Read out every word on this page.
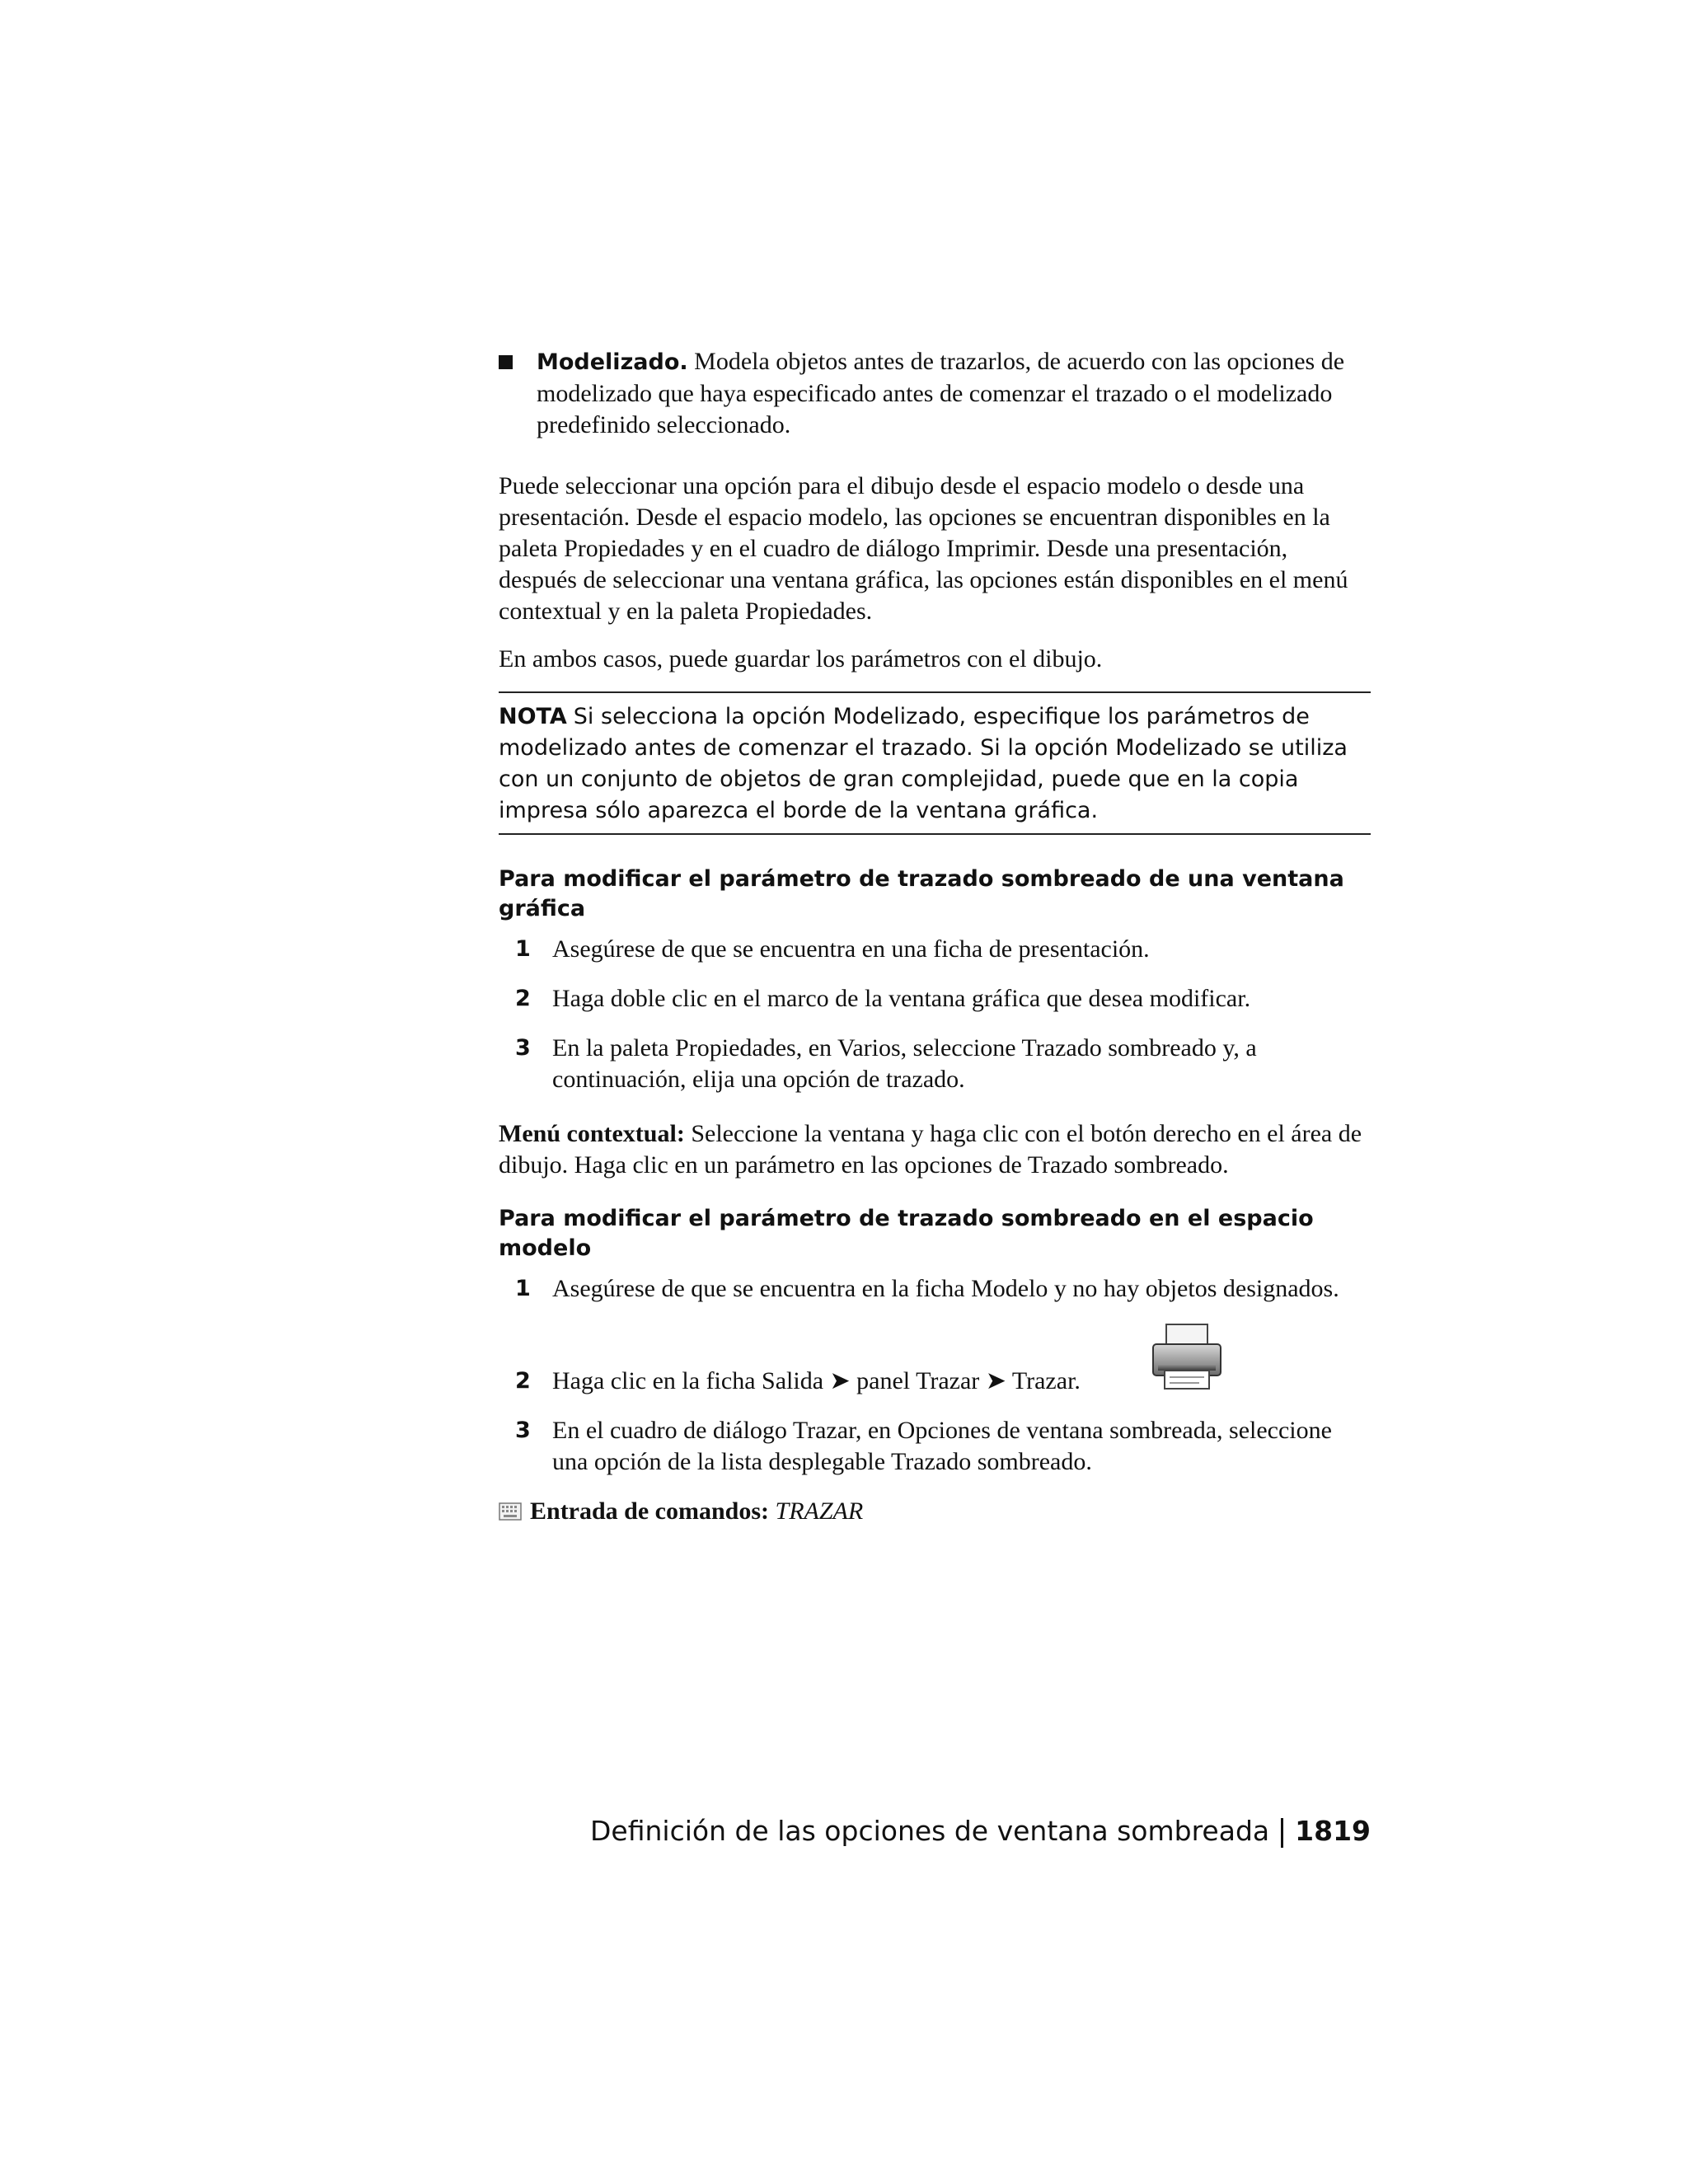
Modelizado. Modela objetos antes de trazarlos, de acuerdo con las opciones de modelizado que haya especificado antes de comenzar el trazado o el modelizado predefinido seleccionado.

Puede seleccionar una opción para el dibujo desde el espacio modelo o desde una presentación. Desde el espacio modelo, las opciones se encuentran disponibles en la paleta Propiedades y en el cuadro de diálogo Imprimir. Desde una presentación, después de seleccionar una ventana gráfica, las opciones están disponibles en el menú contextual y en la paleta Propiedades.

En ambos casos, puede guardar los parámetros con el dibujo.

NOTA Si selecciona la opción Modelizado, especifique los parámetros de modelizado antes de comenzar el trazado. Si la opción Modelizado se utiliza con un conjunto de objetos de gran complejidad, puede que en la copia impresa sólo aparezca el borde de la ventana gráfica.
Para modificar el parámetro de trazado sombreado de una ventana gráfica
1 Asegúrese de que se encuentra en una ficha de presentación.
2 Haga doble clic en el marco de la ventana gráfica que desea modificar.
3 En la paleta Propiedades, en Varios, seleccione Trazado sombreado y, a continuación, elija una opción de trazado.

Menú contextual: Seleccione la ventana y haga clic con el botón derecho en el área de dibujo. Haga clic en un parámetro en las opciones de Trazado sombreado.

Para modificar el parámetro de trazado sombreado en el espacio modelo
1 Asegúrese de que se encuentra en la ficha Modelo y no hay objetos designados.
2 Haga clic en la ficha Salida ➤ panel Trazar ➤ Trazar.
3 En el cuadro de diálogo Trazar, en Opciones de ventana sombreada, seleccione una opción de la lista desplegable Trazado sombreado.
Entrada de comandos:
TRAZAR
Definición de las opciones de ventana sombreada 1819
